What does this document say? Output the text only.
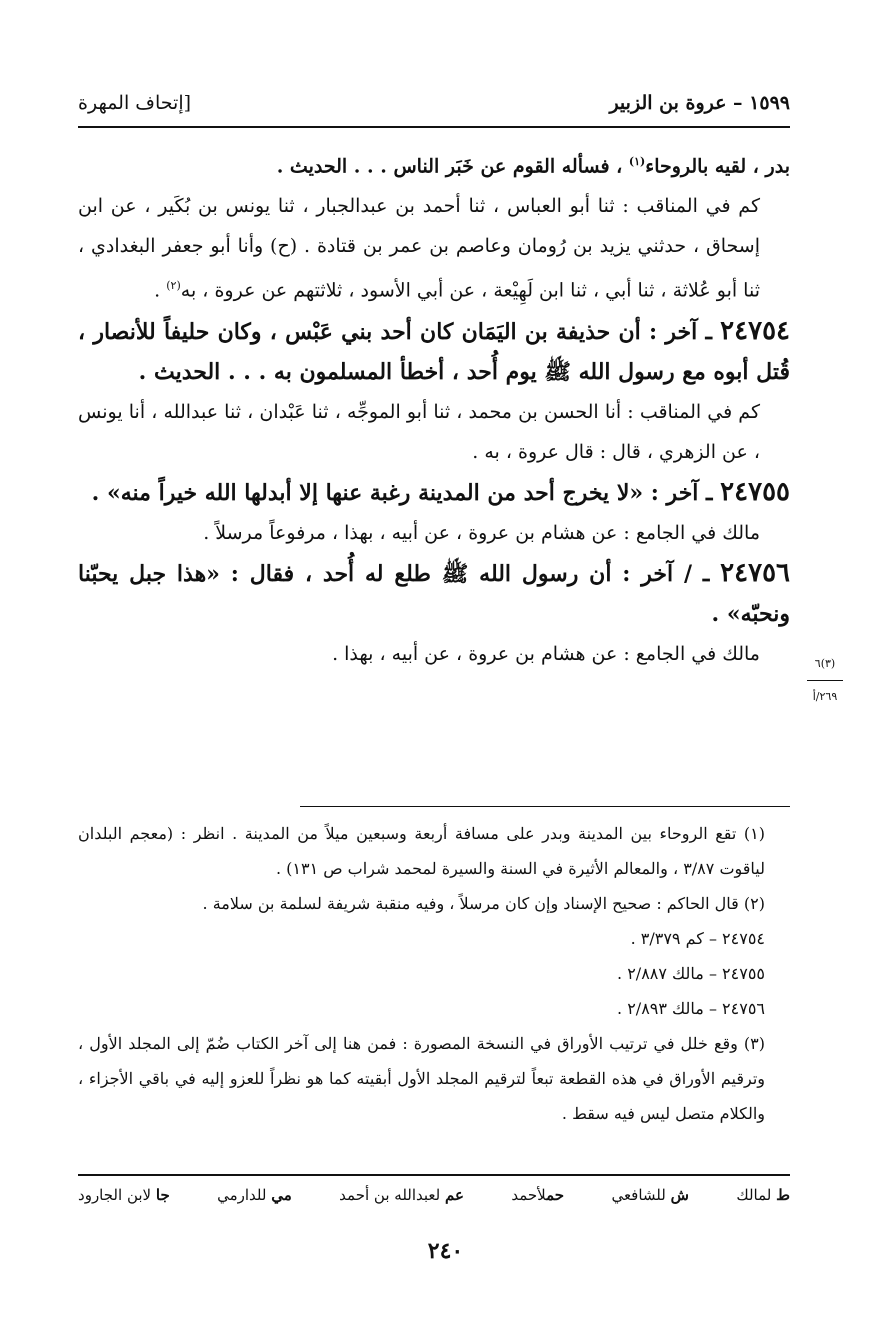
١٥٩٩ – عروة بن الزبير
[إتحاف المهرة
(٣)٦
٢٦٩/أ

بدر ، لقيه بالروحاء$^{(١)}$ ، فسأله القوم عن خَبَر الناس . . . الحديث .

كم في المناقب : ثنا أبو العباس ، ثنا أحمد بن عبدالجبار ، ثنا يونس بن بُكَير ، عن ابن إسحاق ، حدثني يزيد بن رُومان وعاصم بن عمر بن قتادة . (ح) وأنا أبو جعفر البغدادي ، ثنا أبو عُلاثة ، ثنا أبي ، ثنا ابن لَهِيْعة ، عن أبي الأسود ، ثلاثتهم عن عروة ، به$^{(٢)}$ .

٢٤٧٥٤ ـ آخر : أن حذيفة بن اليَمَان كان أحد بني عَبْس ، وكان حليفاً للأنصار ، قُتل أبوه مع رسول الله ﷺ يوم أُحد ، أخطأ المسلمون به . . . الحديث .

كم في المناقب : أنا الحسن بن محمد ، ثنا أبو الموجِّه ، ثنا عَبْدان ، ثنا عبدالله ، أنا يونس ، عن الزهري ، قال : قال عروة ، به .

٢٤٧٥٥ ـ آخر : «لا يخرج أحد من المدينة رغبة عنها إلا أبدلها الله خيراً منه» .

مالك في الجامع : عن هشام بن عروة ، عن أبيه ، بهذا ، مرفوعاً مرسلاً .

٢٤٧٥٦ ـ / آخر : أن رسول الله ﷺ طلع له أُحد ، فقال : «هذا جبل يحبّنا ونحبّه» .

مالك في الجامع : عن هشام بن عروة ، عن أبيه ، بهذا .

(١) تقع الروحاء بين المدينة وبدر على مسافة أربعة وسبعين ميلاً من المدينة . انظر : (معجم البلدان لياقوت ٣/٨٧ ، والمعالم الأثيرة في السنة والسيرة لمحمد شراب ص ١٣١) .

(٢) قال الحاكم : صحيح الإسناد وإن كان مرسلاً ، وفيه منقبة شريفة لسلمة بن سلامة .

٢٤٧٥٤ – كم ٣/٣٧٩ .

٢٤٧٥٥ – مالك ٢/٨٨٧ .

٢٤٧٥٦ – مالك ٢/٨٩٣ .

(٣) وقع خلل في ترتيب الأوراق في النسخة المصورة : فمن هنا إلى آخر الكتاب ضُمّ إلى المجلد الأول ، وترقيم الأوراق في هذه القطعة تبعاً لترقيم المجلد الأول أبقيته كما هو نظراً للعزو إليه في باقي الأجزاء ، والكلام متصل ليس فيه سقط .

ط لمالك
ش للشافعي
حملأحمد
عم لعبدالله بن أحمد
مي للدارمي
جا لابن الجارود
٢٤٠
